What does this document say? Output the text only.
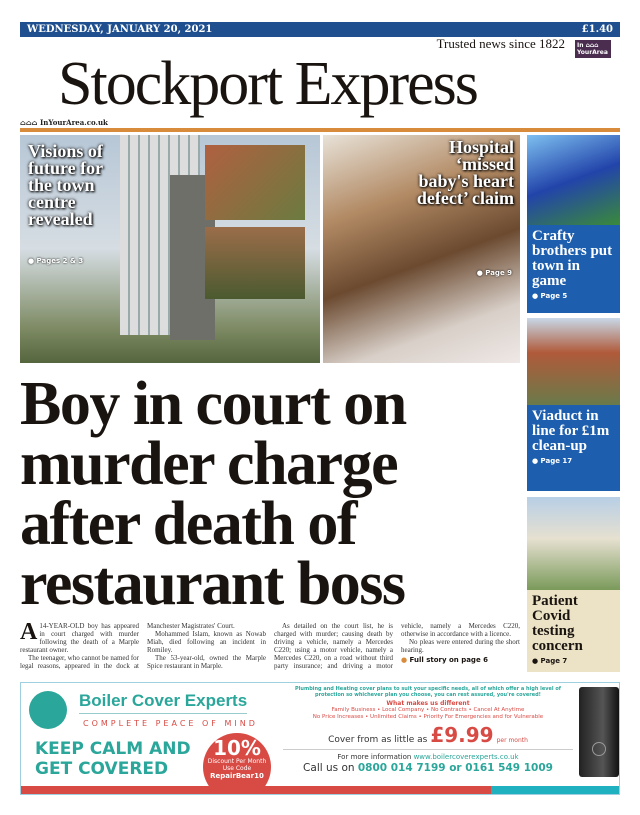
WEDNESDAY, JANUARY 20, 2021	£1.40
Trusted news since 1822
Stockport Express
In ⌂⌂⌂ YourArea
⌂⌂⌂ InYourArea.co.uk
Visions of future for the town centre revealed
● Pages 2 & 3
Hospital ‘missed baby's heart defect’ claim
● Page 9
Crafty brothers put town in game
● Page 5
Viaduct in line for £1m clean-up
● Page 17
Patient Covid testing concern
● Page 7
Boy in court on murder charge after death of restaurant boss
A 14-YEAR-OLD boy has appeared in court charged with murder following the death of a Marple restaurant owner.

The teenager, who cannot be named for legal reasons, appeared in the dock at Manchester Magistrates' Court.

Mohammed Islam, known as Nowab Miah, died following an incident in Romiley.

The 53-year-old, owned the Marple Spice restaurant in Marple.

As detailed on the court list, he is charged with murder; causing death by driving a vehicle, namely a Mercedes C220; using a motor vehicle, namely a Mercedes C220, on a road without third party insurance; and driving a motor vehicle, namely a Mercedes C220, otherwise in accordance with a licence.

No pleas were entered during the short hearing.

● Full story on page 6
Boiler Cover Experts
COMPLETE PEACE OF MIND
KEEP CALM AND
GET COVERED
10%
Discount Per Month Use Code
RepairBear10
Plumbing and Heating cover plans to suit your specific needs, all of which offer a high level of protection so whichever plan you choose, you can rest assured, you're covered!
What makes us different
Family Business • Local Company • No Contracts • Cancel At Anytime
No Price Increases • Unlimited Claims • Priority For Emergencies and for Vulnerable
Cover from as little as £9.99 per month
For more information www.boilercoverexperts.co.uk
Call us on 0800 014 7199 or 0161 549 1009
